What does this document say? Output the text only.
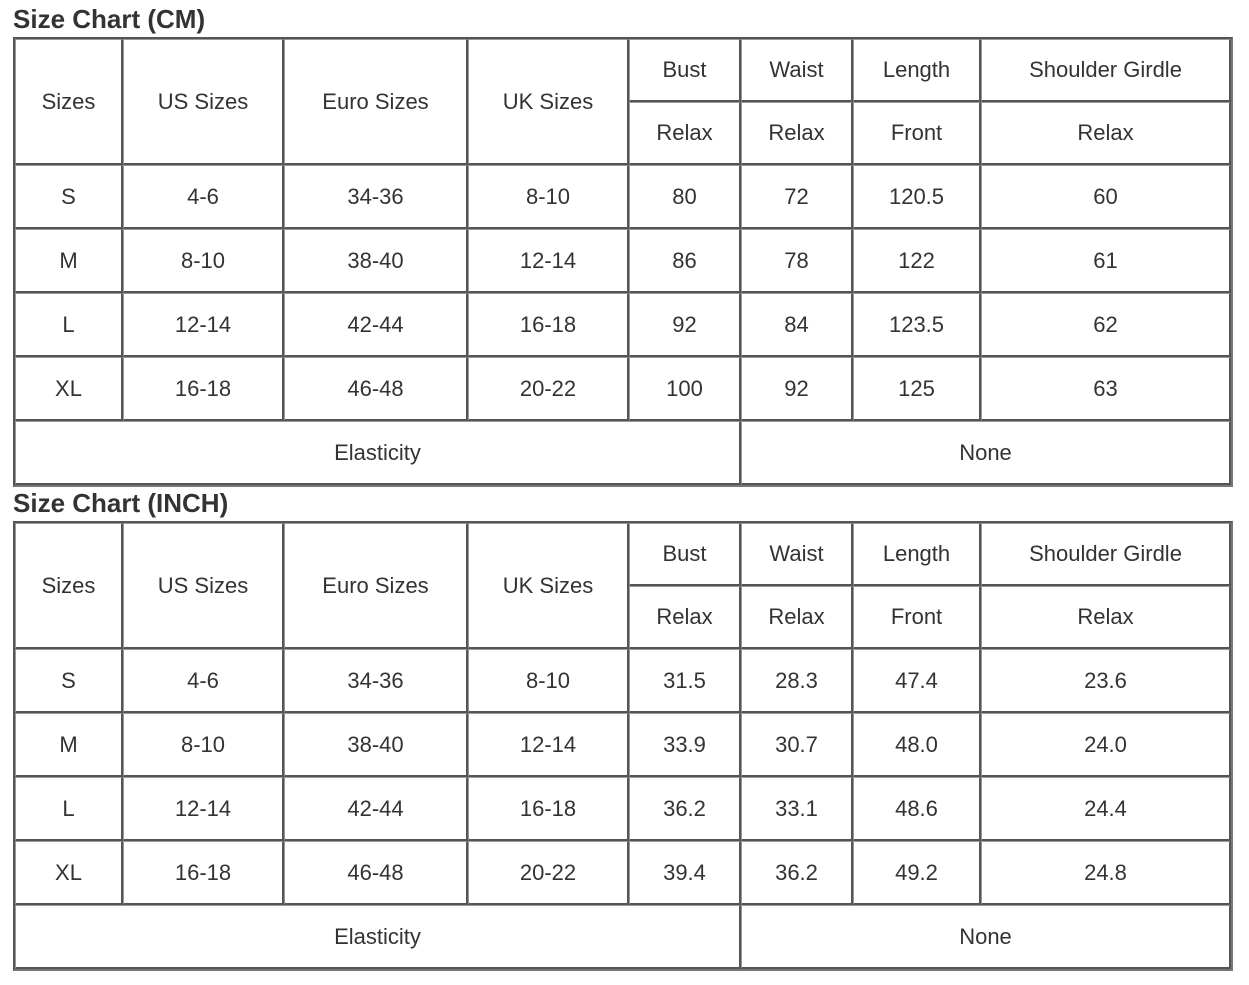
Size Chart (CM)
Sizes	US Sizes	Euro Sizes	UK Sizes	Bust	Waist	Length	Shoulder Girdle
				Relax	Relax	Front	Relax
S	4-6	34-36	8-10	80	72	120.5	60
M	8-10	38-40	12-14	86	78	122	61
L	12-14	42-44	16-18	92	84	123.5	62
XL	16-18	46-48	20-22	100	92	125	63
Elasticity					None		
Size Chart (INCH)
Sizes	US Sizes	Euro Sizes	UK Sizes	Bust	Waist	Length	Shoulder Girdle
				Relax	Relax	Front	Relax
S	4-6	34-36	8-10	31.5	28.3	47.4	23.6
M	8-10	38-40	12-14	33.9	30.7	48.0	24.0
L	12-14	42-44	16-18	36.2	33.1	48.6	24.4
XL	16-18	46-48	20-22	39.4	36.2	49.2	24.8
Elasticity					None		
